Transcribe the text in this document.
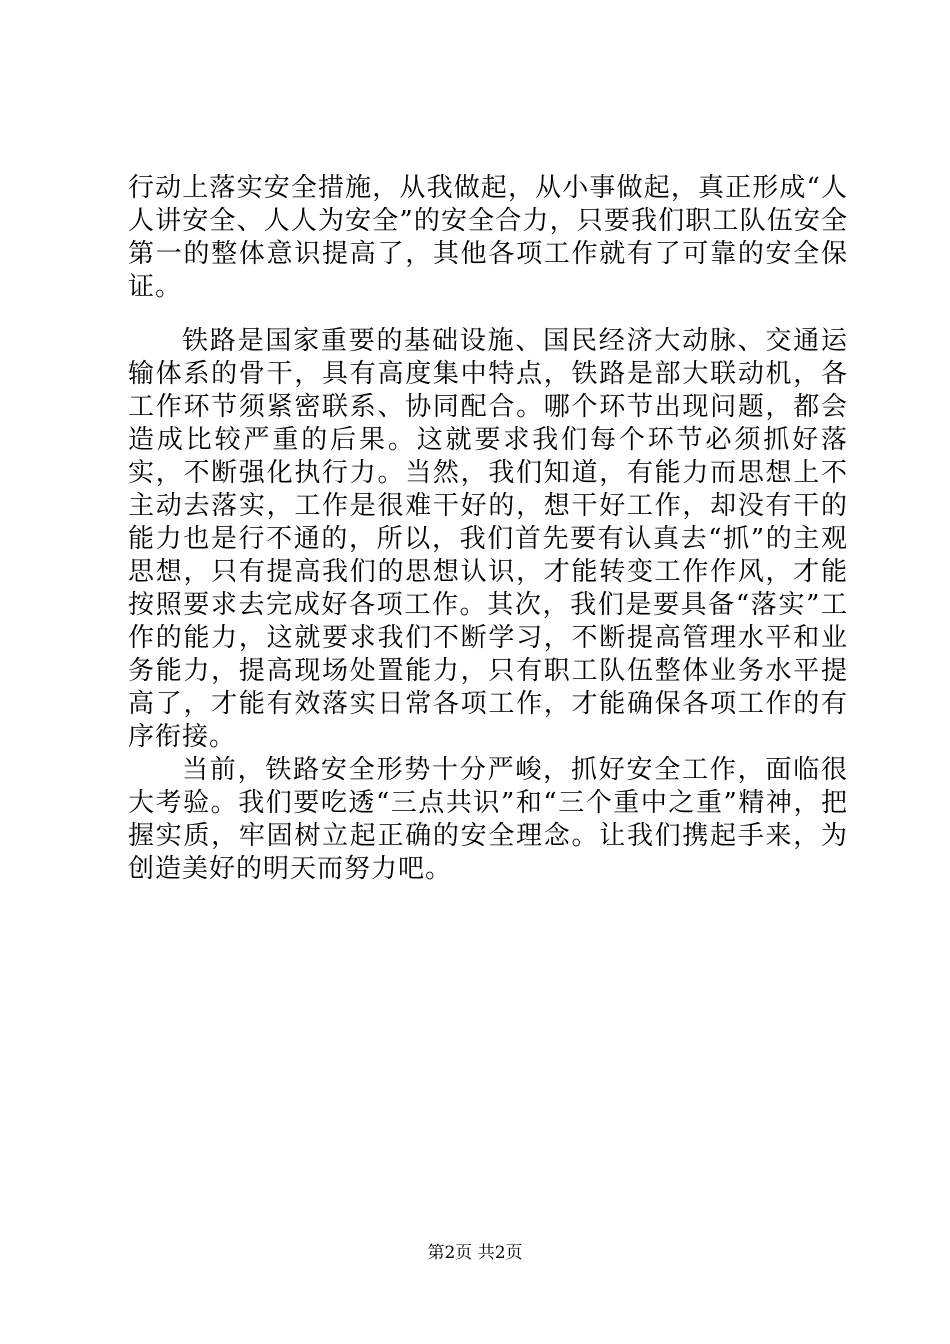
行动上落实安全措施，从我做起，从小事做起，真正形成“人人讲安全、人人为安全”的安全合力，只要我们职工队伍安全第一的整体意识提高了，其他各项工作就有了可靠的安全保证。

铁路是国家重要的基础设施、国民经济大动脉、交通运输体系的骨干，具有高度集中特点，铁路是部大联动机，各工作环节须紧密联系、协同配合。哪个环节出现问题，都会造成比较严重的后果。这就要求我们每个环节必须抓好落实，不断强化执行力。当然，我们知道，有能力而思想上不主动去落实，工作是很难干好的，想干好工作，却没有干的能力也是行不通的，所以，我们首先要有认真去“抓”的主观思想，只有提高我们的思想认识，才能转变工作作风，才能按照要求去完成好各项工作。其次，我们是要具备“落实”工作的能力，这就要求我们不断学习，不断提高管理水平和业务能力，提高现场处置能力，只有职工队伍整体业务水平提高了，才能有效落实日常各项工作，才能确保各项工作的有序衔接。

当前，铁路安全形势十分严峻，抓好安全工作，面临很大考验。我们要吃透“三点共识”和“三个重中之重”精神，把握实质，牢固树立起正确的安全理念。让我们携起手来，为创造美好的明天而努力吧。

第2页 共2页
